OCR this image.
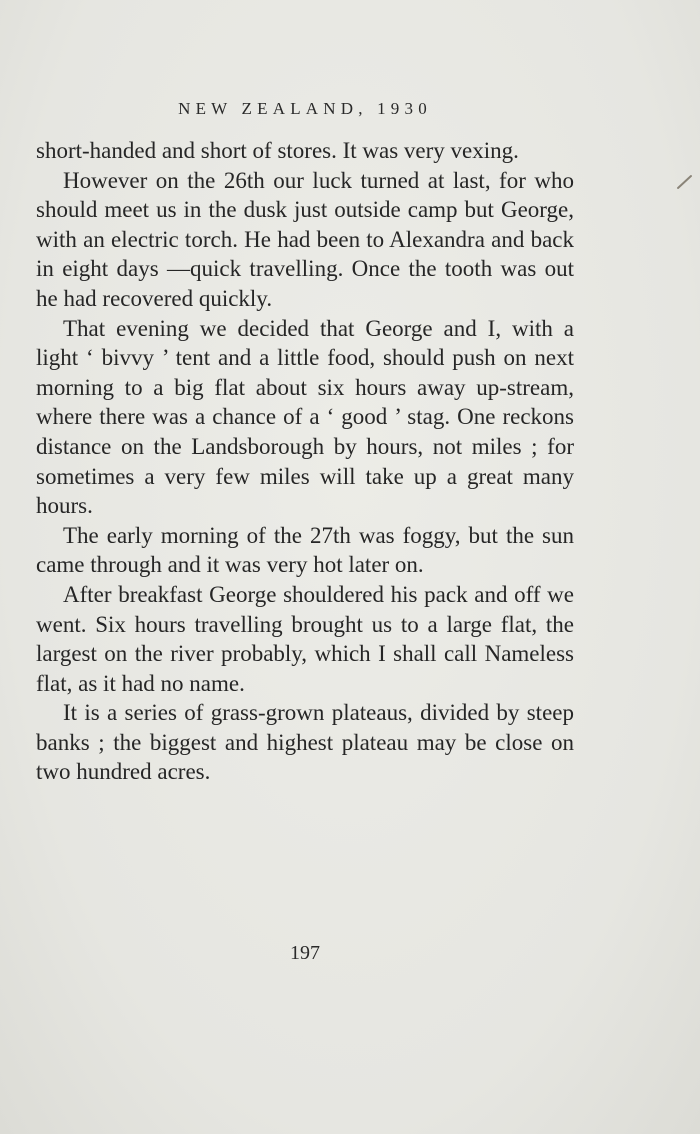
NEW ZEALAND, 1930

short-handed and short of stores. It was very vexing.

However on the 26th our luck turned at last, for who should meet us in the dusk just outside camp but George, with an electric torch. He had been to Alexandra and back in eight days —quick travelling. Once the tooth was out he had recovered quickly.

That evening we decided that George and I, with a light ‘ bivvy ’ tent and a little food, should push on next morning to a big flat about six hours away up-stream, where there was a chance of a ‘ good ’ stag. One reckons distance on the Landsborough by hours, not miles ; for sometimes a very few miles will take up a great many hours.

The early morning of the 27th was foggy, but the sun came through and it was very hot later on.

After breakfast George shouldered his pack and off we went. Six hours travelling brought us to a large flat, the largest on the river probably, which I shall call Nameless flat, as it had no name.

It is a series of grass-grown plateaus, divided by steep banks ; the biggest and highest plateau may be close on two hundred acres.

197
